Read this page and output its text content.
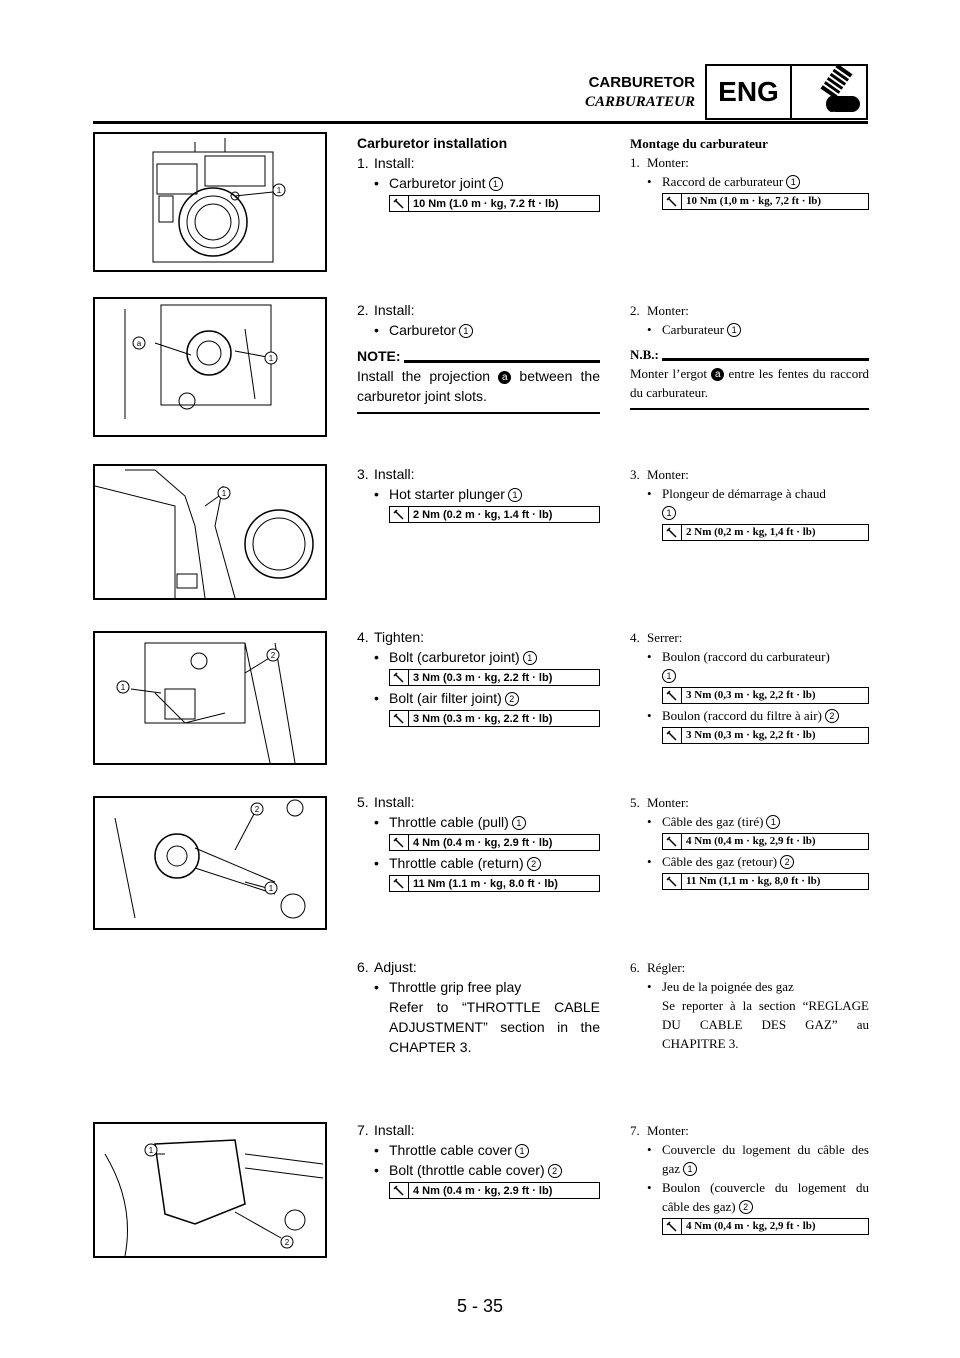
CARBURETOR
CARBURATEUR ENG
1
a
1
1
1
2
2
1
1
2
Carburetor installation
1. Install:
• Carburetor joint 1
10 Nm (1.0 m · kg, 7.2 ft · lb)
2. Install:
• Carburetor 1
NOTE:
Install the projection a between the carburetor joint slots.
3. Install:
• Hot starter plunger 1
2 Nm (0.2 m · kg, 1.4 ft · lb)
4. Tighten:
• Bolt (carburetor joint) 1
3 Nm (0.3 m · kg, 2.2 ft · lb)
• Bolt (air filter joint) 2
3 Nm (0.3 m · kg, 2.2 ft · lb)
5. Install:
• Throttle cable (pull) 1
4 Nm (0.4 m · kg, 2.9 ft · lb)
• Throttle cable (return) 2
11 Nm (1.1 m · kg, 8.0 ft · lb)
6. Adjust:
• Throttle grip free play
Refer to “THROTTLE CABLE ADJUSTMENT” section in the CHAPTER 3.
7. Install:
• Throttle cable cover 1
• Bolt (throttle cable cover) 2
4 Nm (0.4 m · kg, 2.9 ft · lb)
Montage du carburateur
1. Monter:
• Raccord de carburateur 1
10 Nm (1,0 m · kg, 7,2 ft · lb)
2. Monter:
• Carburateur 1
N.B.:
Monter l’ergot a entre les fentes du raccord du carburateur.
3. Monter:
• Plongeur de démarrage à chaud
1
2 Nm (0,2 m · kg, 1,4 ft · lb)
4. Serrer:
• Boulon (raccord du carburateur)
1
3 Nm (0,3 m · kg, 2,2 ft · lb)
• Boulon (raccord du filtre à air) 2
3 Nm (0,3 m · kg, 2,2 ft · lb)
5. Monter:
• Câble des gaz (tiré) 1
4 Nm (0,4 m · kg, 2,9 ft · lb)
• Câble des gaz (retour) 2
11 Nm (1,1 m · kg, 8,0 ft · lb)
6. Régler:
• Jeu de la poignée des gaz
Se reporter à la section “REGLAGE DU CABLE DES GAZ” au CHAPITRE 3.
7. Monter:
• Couvercle du logement du câble des gaz 1
• Boulon (couvercle du logement du câble des gaz) 2
4 Nm (0,4 m · kg, 2,9 ft · lb)
5 - 35
